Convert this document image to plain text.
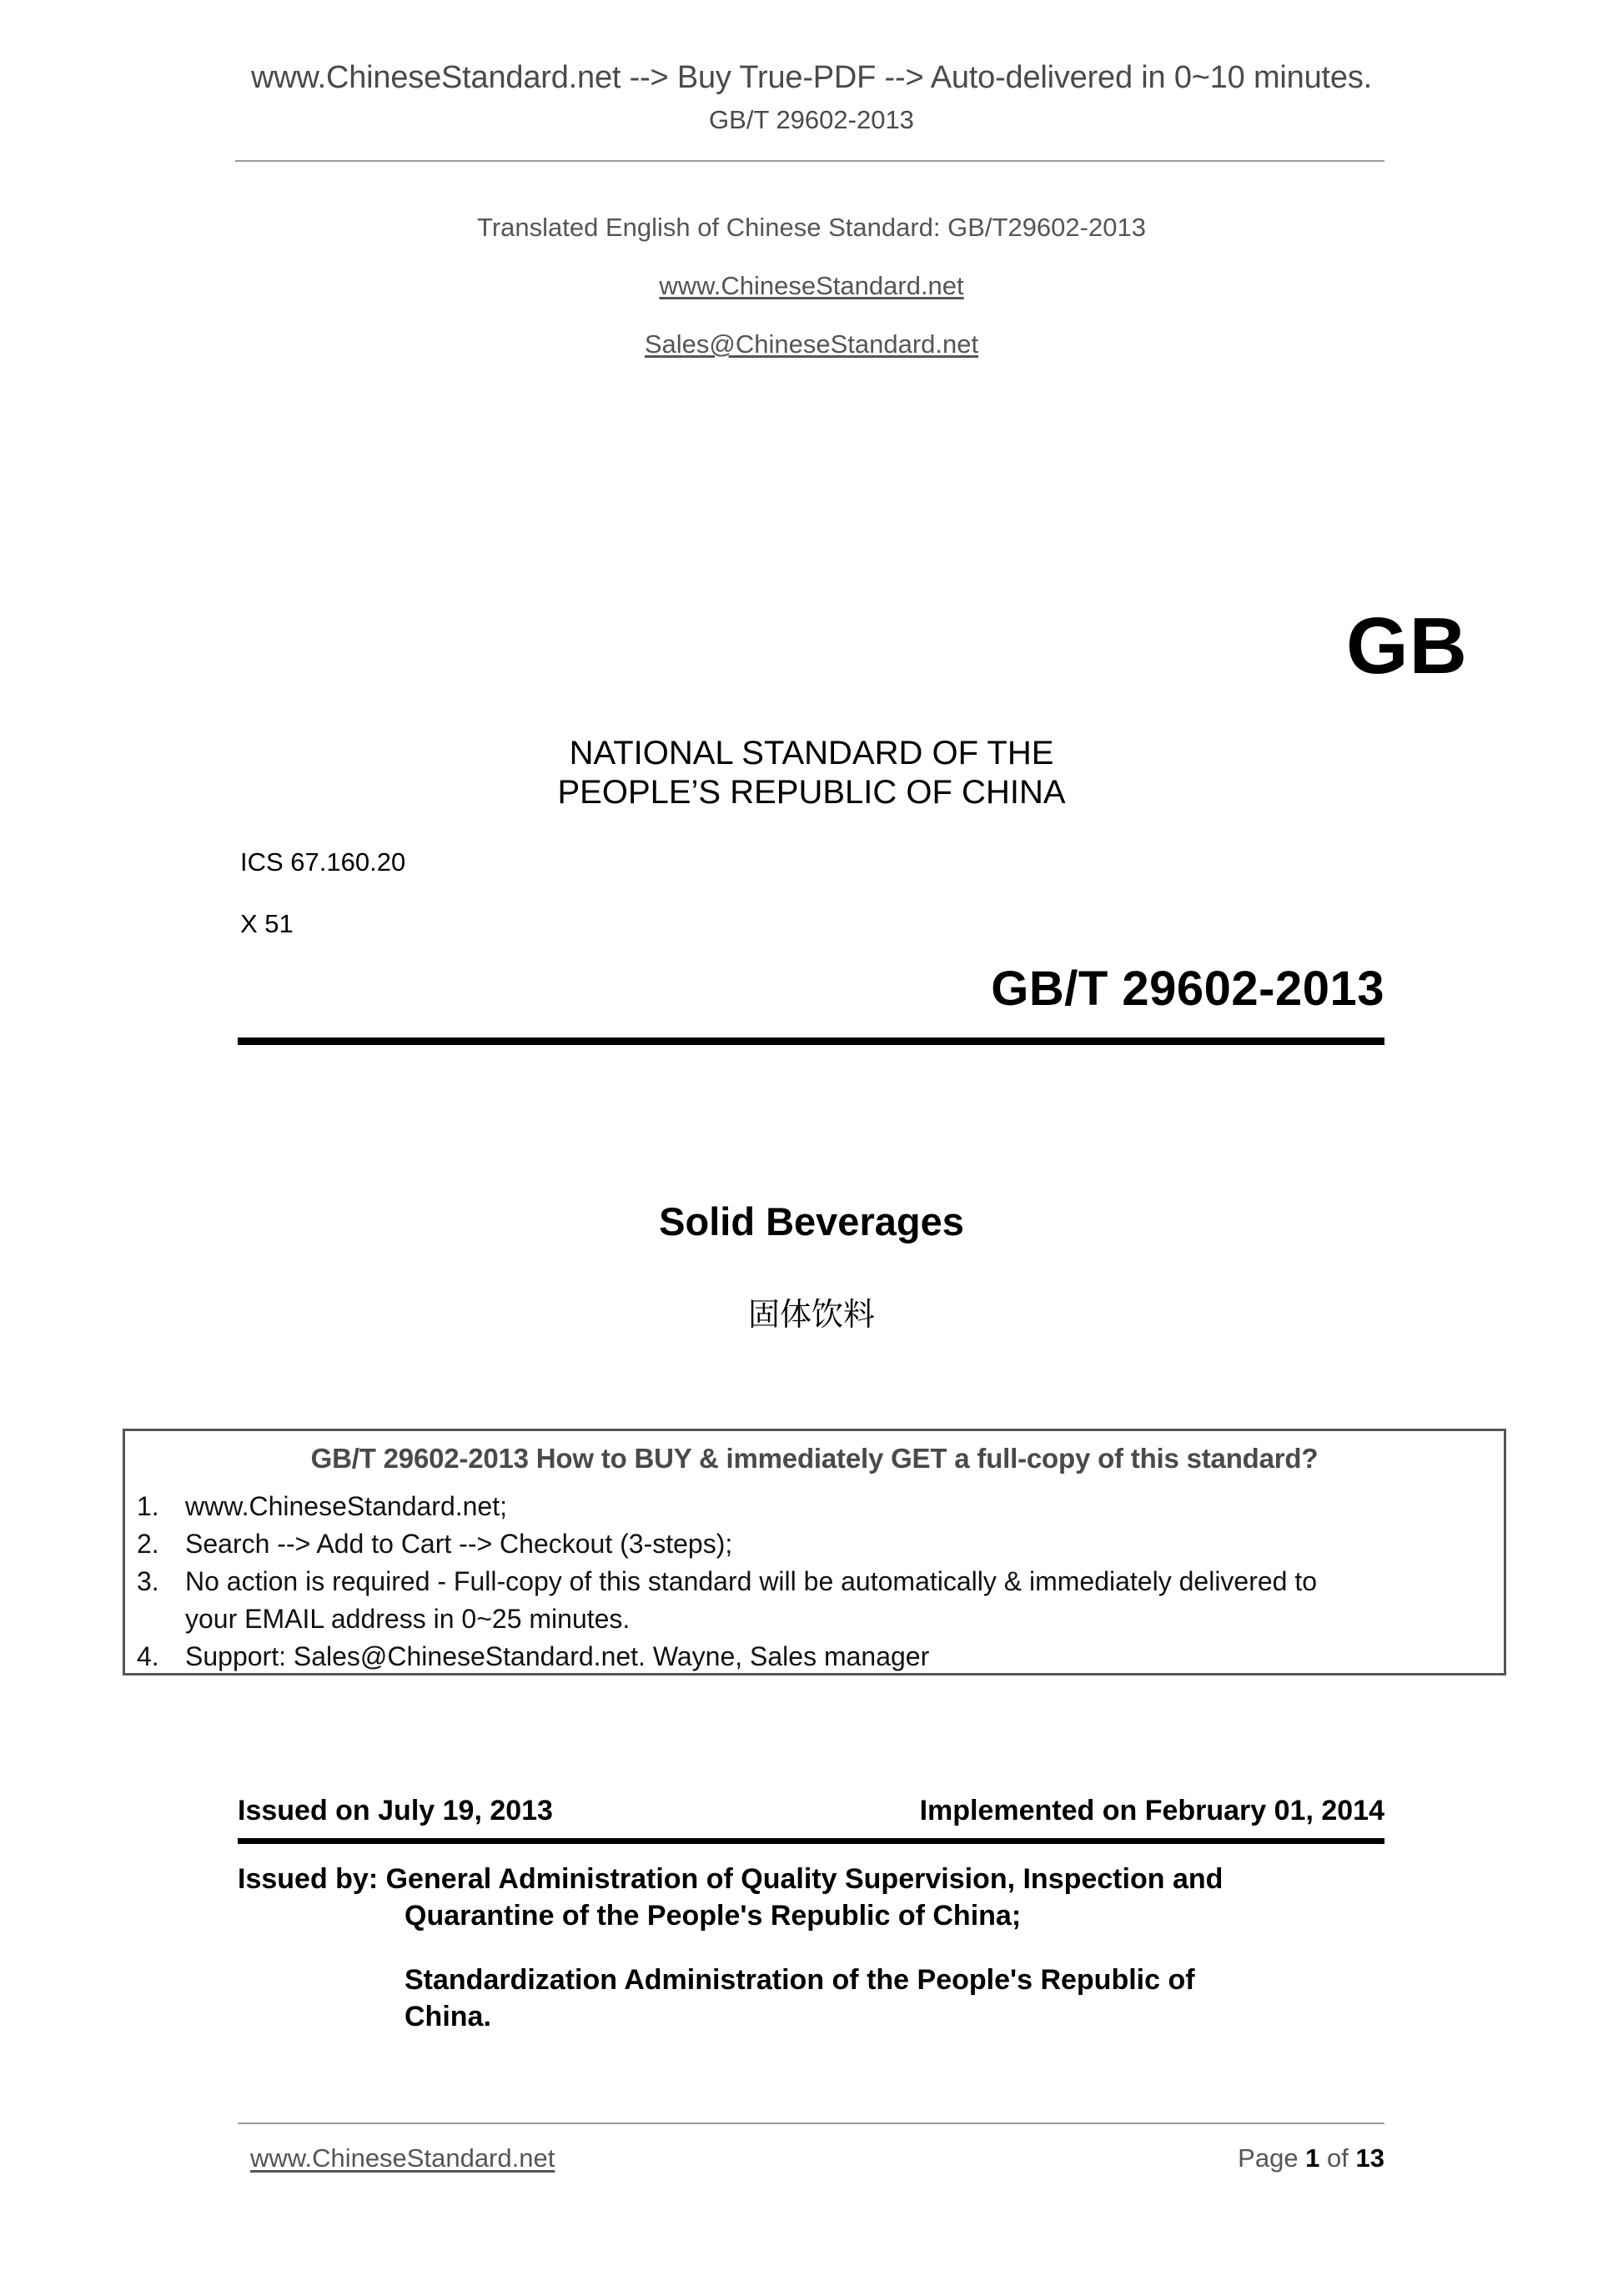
www.ChineseStandard.net --> Buy True-PDF --> Auto-delivered in 0~10 minutes.
GB/T 29602-2013
Translated English of Chinese Standard: GB/T29602-2013
www.ChineseStandard.net
Sales@ChineseStandard.net
GB
NATIONAL STANDARD OF THE
PEOPLE’S REPUBLIC OF CHINA
ICS 67.160.20
X 51
GB/T 29602-2013
Solid Beverages
固体饮料
GB/T 29602-2013 How to BUY & immediately GET a full-copy of this standard?
1. www.ChineseStandard.net;
2. Search --> Add to Cart --> Checkout (3-steps);
3. No action is required - Full-copy of this standard will be automatically & immediately delivered to
your EMAIL address in 0~25 minutes.
4. Support: Sales@ChineseStandard.net. Wayne, Sales manager
Issued on July 19, 2013	Implemented on February 01, 2014
Issued by: General Administration of Quality Supervision, Inspection and
Quarantine of the People's Republic of China;
Standardization Administration of the People's Republic of
China.
www.ChineseStandard.net	Page 1 of 13
